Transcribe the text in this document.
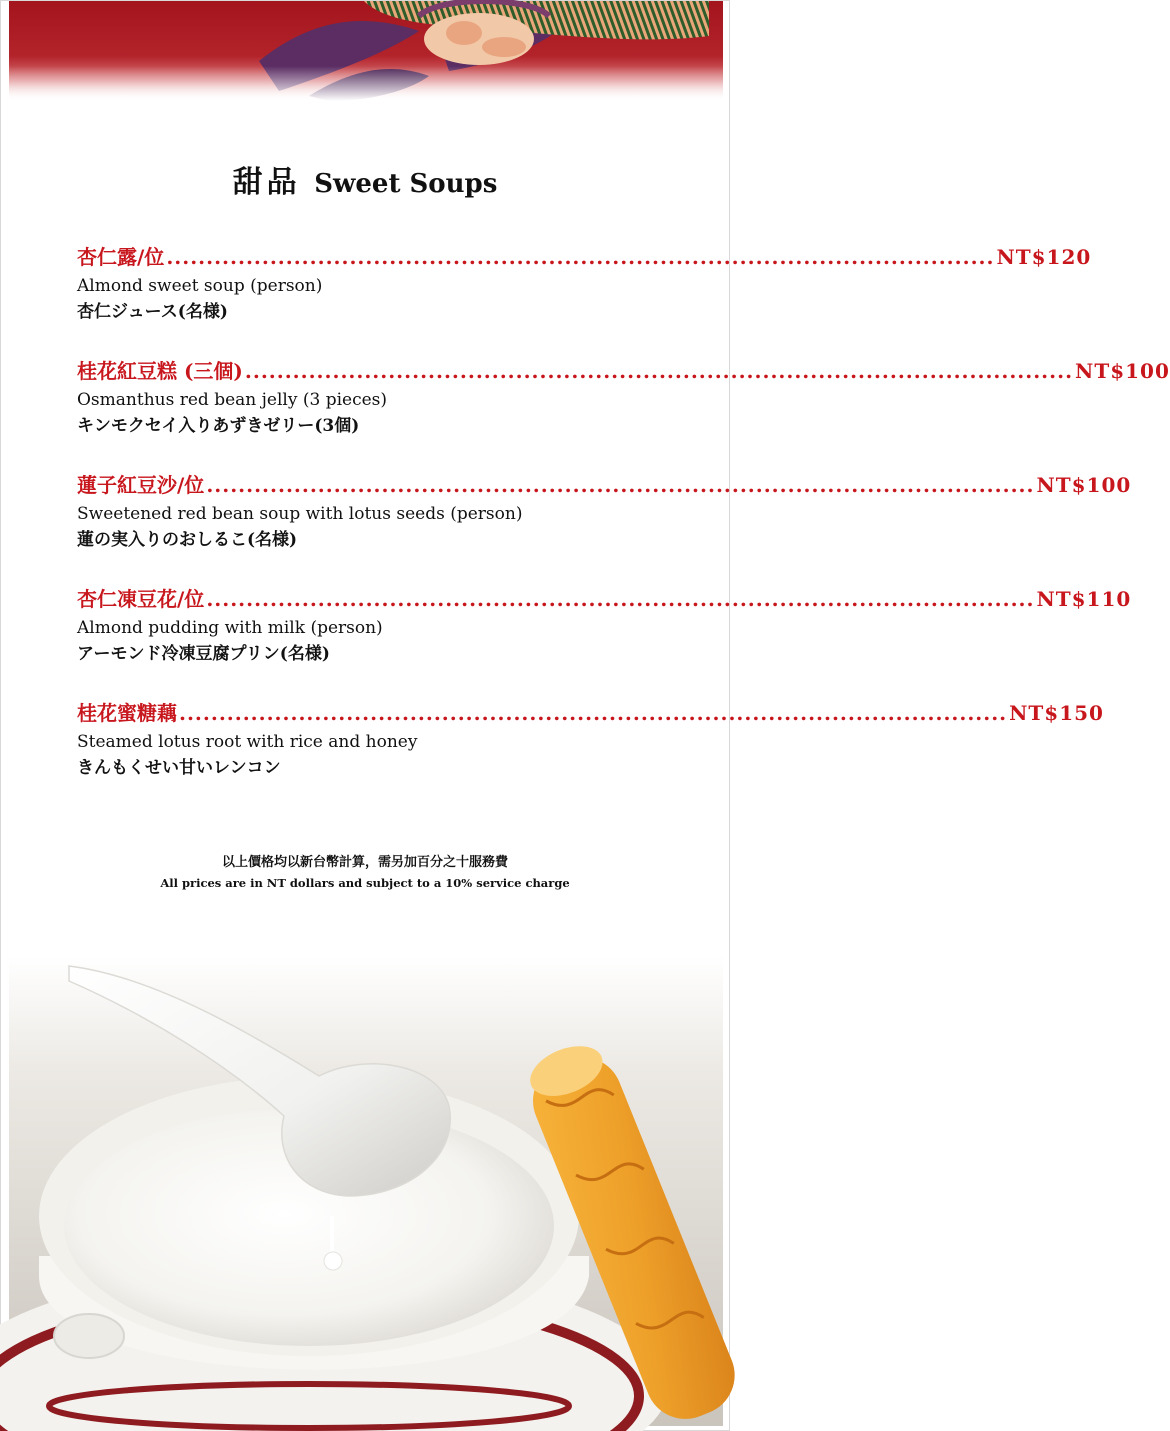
甜品 Sweet Soups
杏仁露/位 ........................................................................................................ NT$120
Almond sweet soup (person)
杏仁ジュース(名様)
桂花紅豆糕 (三個) ........................................................................................................ NT$100
Osmanthus red bean jelly (3 pieces)
キンモクセイ入りあずきゼリー(3個)
蓮子紅豆沙/位 ........................................................................................................ NT$100
Sweetened red bean soup with lotus seeds (person)
蓮の実入りのおしるこ(名様)
杏仁凍豆花/位 ........................................................................................................ NT$110
Almond pudding with milk (person)
アーモンド冷凍豆腐プリン(名様)
桂花蜜糖藕 ........................................................................................................ NT$150
Steamed lotus root with rice and honey
きんもくせい甘いレンコン
以上價格均以新台幣計算，需另加百分之十服務費
All prices are in NT dollars and subject to a 10% service charge
